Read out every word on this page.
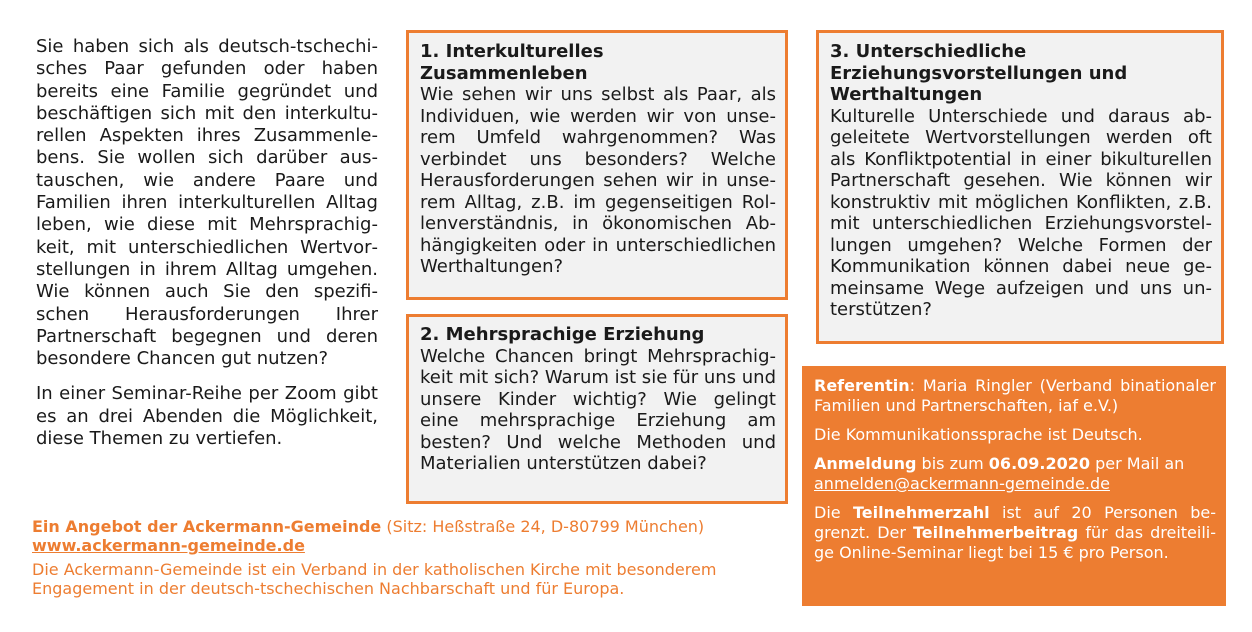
Sie haben sich als deutsch-tschechisches Paar gefunden oder haben bereits eine Familie gegründet und beschäftigen sich mit den interkulturellen Aspekten ihres Zusammenlebens. Sie wollen sich darüber austauschen, wie andere Paare und Familien ihren interkulturellen Alltag leben, wie diese mit Mehrsprachigkeit, mit unterschiedlichen Wertvorstellungen in ihrem Alltag umgehen. Wie können auch Sie den spezifischen Herausforderungen Ihrer Partnerschaft begegnen und deren besondere Chancen gut nutzen?

In einer Seminar-Reihe per Zoom gibt es an drei Abenden die Möglichkeit, diese Themen zu vertiefen.

1. Interkulturelles Zusammenleben

Wie sehen wir uns selbst als Paar, als Individuen, wie werden wir von unserem Umfeld wahrgenommen? Was verbindet uns besonders? Welche Herausforderungen sehen wir in unserem Alltag, z.B. im gegenseitigen Rollenverständnis, in ökonomischen Abhängigkeiten oder in unterschiedlichen Werthaltungen?

2. Mehrsprachige Erziehung

Welche Chancen bringt Mehrsprachigkeit mit sich? Warum ist sie für uns und unsere Kinder wichtig? Wie gelingt eine mehrsprachige Erziehung am besten? Und welche Methoden und Materialien unterstützen dabei?

3. Unterschiedliche Erziehungsvorstellungen und Werthaltungen

Kulturelle Unterschiede und daraus abgeleitete Wertvorstellungen werden oft als Konfliktpotential in einer bikulturellen Partnerschaft gesehen. Wie können wir konstruktiv mit möglichen Konflikten, z.B. mit unterschiedlichen Erziehungsvorstellungen umgehen? Welche Formen der Kommunikation können dabei neue gemeinsame Wege aufzeigen und uns unterstützen?

Referentin: Maria Ringler (Verband binationaler Familien und Partnerschaften, iaf e.V.)

Die Kommunikationssprache ist Deutsch.

Anmeldung bis zum 06.09.2020 per Mail an
anmelden@ackermann-gemeinde.de

Die Teilnehmerzahl ist auf 20 Personen begrenzt. Der Teilnehmerbeitrag für das dreiteilige Online-Seminar liegt bei 15 € pro Person.

Ein Angebot der Ackermann-Gemeinde (Sitz: Heßstraße 24, D-80799 München)

www.ackermann-gemeinde.de

Die Ackermann-Gemeinde ist ein Verband in der katholischen Kirche mit besonderem Engagement in der deutsch-tschechischen Nachbarschaft und für Europa.
